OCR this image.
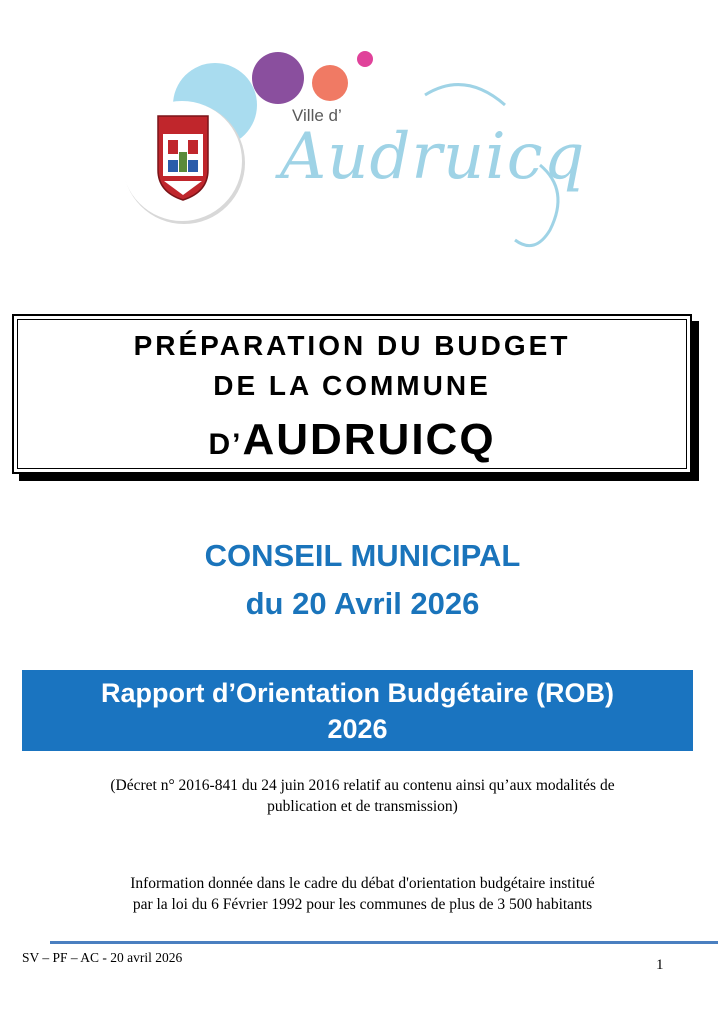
Ville d’
Audruicq
PRÉPARATION DU BUDGET
DE LA COMMUNE
D’AUDRUICQ
CONSEIL MUNICIPAL
du 20 Avril 2026
Rapport d’Orientation Budgétaire (ROB)
2026
(Décret n° 2016-841 du 24 juin 2016 relatif au contenu ainsi qu’aux modalités de
publication et de transmission)
Information donnée dans le cadre du débat d'orientation budgétaire institué
par la loi du 6 Février 1992 pour les communes de plus de 3 500 habitants
SV – PF – AC - 20 avril 2026	1
